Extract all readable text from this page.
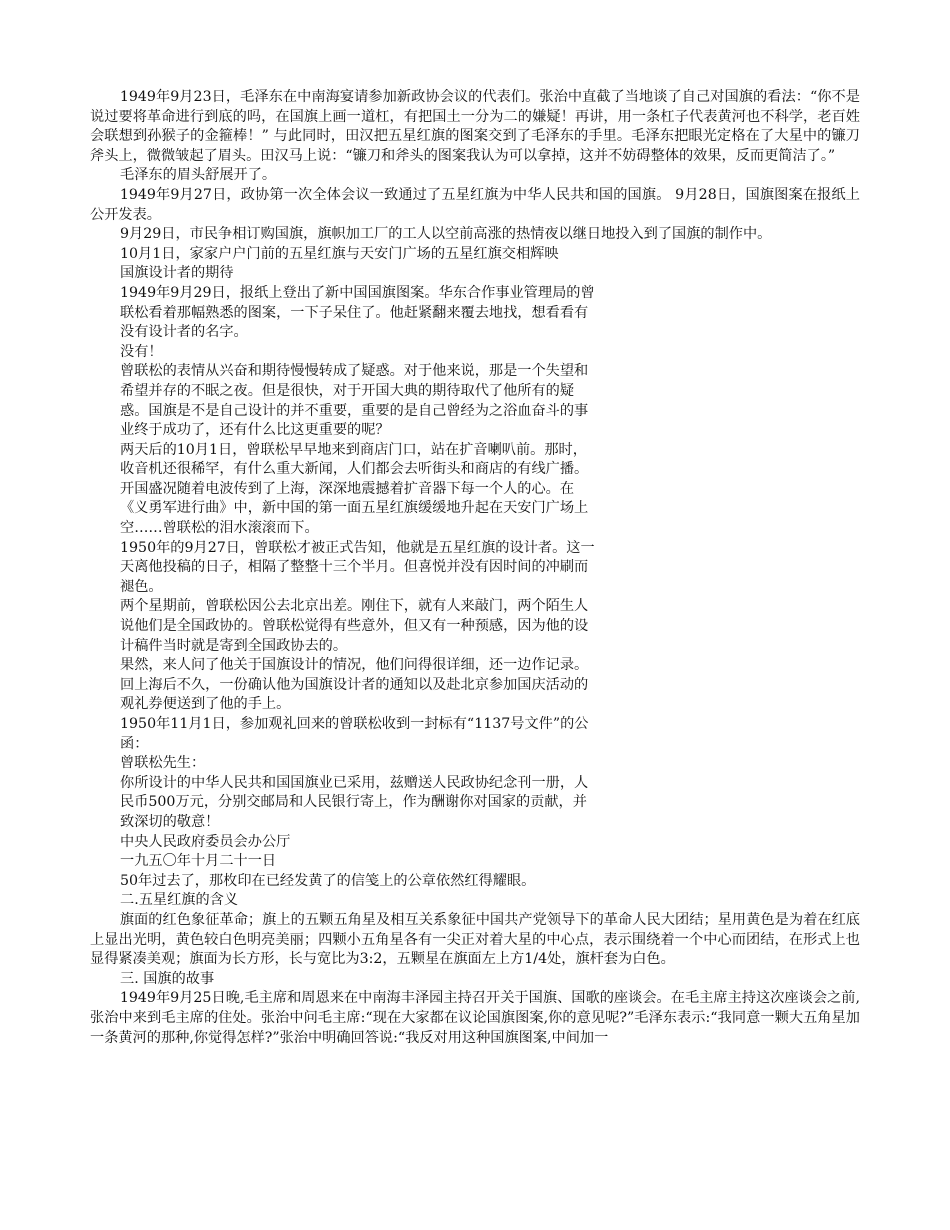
1949年9月23日，毛泽东在中南海宴请参加新政协会议的代表们。张治中直截了当地谈了自己对国旗的看法：“你不是说过要将革命进行到底的吗，在国旗上画一道杠，有把国土一分为二的嫌疑！再讲，用一条杠子代表黄河也不科学，老百姓会联想到孙猴子的金箍棒！” 与此同时，田汉把五星红旗的图案交到了毛泽东的手里。毛泽东把眼光定格在了大星中的镰刀斧头上，微微皱起了眉头。田汉马上说：“镰刀和斧头的图案我认为可以拿掉，这并不妨碍整体的效果，反而更简洁了。”

毛泽东的眉头舒展开了。

1949年9月27日，政协第一次全体会议一致通过了五星红旗为中华人民共和国的国旗。 9月28日，国旗图案在报纸上公开发表。

9月29日，市民争相订购国旗，旗帜加工厂的工人以空前高涨的热情夜以继日地投入到了国旗的制作中。

10月1日，家家户户门前的五星红旗与天安门广场的五星红旗交相辉映

国旗设计者的期待

1949年9月29日，报纸上登出了新中国国旗图案。华东合作事业管理局的曾联松看着那幅熟悉的图案，一下子呆住了。他赶紧翻来覆去地找，想看看有没有设计者的名字。

没有！

曾联松的表情从兴奋和期待慢慢转成了疑惑。对于他来说，那是一个失望和希望并存的不眠之夜。但是很快，对于开国大典的期待取代了他所有的疑惑。国旗是不是自己设计的并不重要，重要的是自己曾经为之浴血奋斗的事业终于成功了，还有什么比这更重要的呢？

两天后的10月1日，曾联松早早地来到商店门口，站在扩音喇叭前。那时，收音机还很稀罕，有什么重大新闻，人们都会去听街头和商店的有线广播。

开国盛况随着电波传到了上海，深深地震撼着扩音器下每一个人的心。在《义勇军进行曲》中，新中国的第一面五星红旗缓缓地升起在天安门广场上空……曾联松的泪水滚滚而下。

1950年的9月27日，曾联松才被正式告知，他就是五星红旗的设计者。这一天离他投稿的日子，相隔了整整十三个半月。但喜悦并没有因时间的冲刷而褪色。

两个星期前，曾联松因公去北京出差。刚住下，就有人来敲门，两个陌生人说他们是全国政协的。曾联松觉得有些意外，但又有一种预感，因为他的设计稿件当时就是寄到全国政协去的。

果然，来人问了他关于国旗设计的情况，他们问得很详细，还一边作记录。

回上海后不久，一份确认他为国旗设计者的通知以及赴北京参加国庆活动的观礼券便送到了他的手上。

1950年11月1日，参加观礼回来的曾联松收到一封标有“1137号文件”的公函：

曾联松先生：

你所设计的中华人民共和国国旗业已采用，兹赠送人民政协纪念刊一册，人民币500万元，分别交邮局和人民银行寄上，作为酬谢你对国家的贡献，并致深切的敬意！

中央人民政府委员会办公厅

一九五〇年十月二十一日

50年过去了，那枚印在已经发黄了的信笺上的公章依然红得耀眼。

二.五星红旗的含义

旗面的红色象征革命；旗上的五颗五角星及相互关系象征中国共产党领导下的革命人民大团结；星用黄色是为着在红底上显出光明，黄色较白色明亮美丽；四颗小五角星各有一尖正对着大星的中心点，表示围绕着一个中心而团结，在形式上也显得紧凑美观；旗面为长方形，长与宽比为3:2，五颗星在旗面左上方1/4处，旗杆套为白色。

三. 国旗的故事

1949年9月25日晚,毛主席和周恩来在中南海丰泽园主持召开关于国旗、国歌的座谈会。在毛主席主持这次座谈会之前,张治中来到毛主席的住处。张治中问毛主席:“现在大家都在议论国旗图案,你的意见呢?”毛泽东表示:“我同意一颗大五角星加一条黄河的那种,你觉得怎样?”张治中明确回答说:“我反对用这种国旗图案,中间加一
